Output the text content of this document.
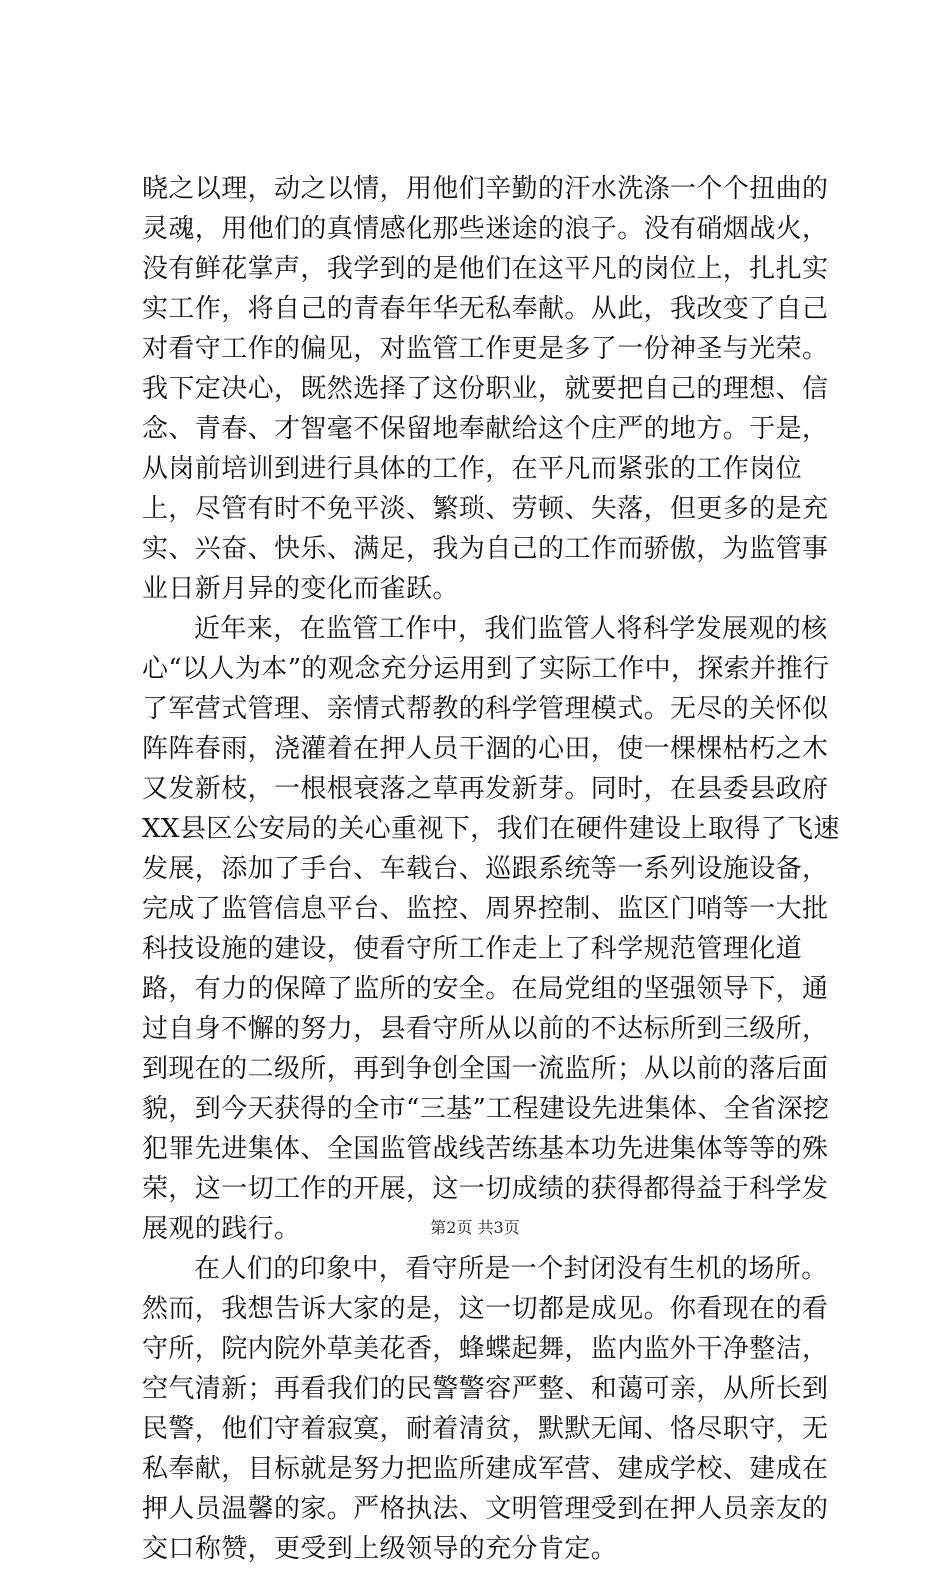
晓之以理，动之以情，用他们辛勤的汗水洗涤一个个扭曲的灵魂，用他们的真情感化那些迷途的浪子。没有硝烟战火，没有鲜花掌声，我学到的是他们在这平凡的岗位上，扎扎实实工作，将自己的青春年华无私奉献。从此，我改变了自己对看守工作的偏见，对监管工作更是多了一份神圣与光荣。我下定决心，既然选择了这份职业，就要把自己的理想、信念、青春、才智毫不保留地奉献给这个庄严的地方。于是，从岗前培训到进行具体的工作，在平凡而紧张的工作岗位上，尽管有时不免平淡、繁琐、劳顿、失落，但更多的是充实、兴奋、快乐、满足，我为自己的工作而骄傲，为监管事业日新月异的变化而雀跃。

近年来，在监管工作中，我们监管人将科学发展观的核心“以人为本”的观念充分运用到了实际工作中，探索并推行了军营式管理、亲情式帮教的科学管理模式。无尽的关怀似阵阵春雨，浇灌着在押人员干涸的心田，使一棵棵枯朽之木又发新枝，一根根衰落之草再发新芽。同时，在县委县政府XX县区公安局的关心重视下，我们在硬件建设上取得了飞速发展，添加了手台、车载台、巡跟系统等一系列设施设备，完成了监管信息平台、监控、周界控制、监区门哨等一大批科技设施的建设，使看守所工作走上了科学规范管理化道路，有力的保障了监所的安全。在局党组的坚强领导下，通过自身不懈的努力，县看守所从以前的不达标所到三级所，到现在的二级所，再到争创全国一流监所；从以前的落后面貌，到今天获得的全市“三基”工程建设先进集体、全省深挖犯罪先进集体、全国监管战线苦练基本功先进集体等等的殊荣，这一切工作的开展，这一切成绩的获得都得益于科学发展观的践行。

在人们的印象中，看守所是一个封闭没有生机的场所。然而，我想告诉大家的是，这一切都是成见。你看现在的看守所，院内院外草美花香，蜂蝶起舞，监内监外干净整洁，空气清新；再看我们的民警警容严整、和蔼可亲，从所长到民警，他们守着寂寞，耐着清贫，默默无闻、恪尽职守，无私奉献，目标就是努力把监所建成军营、建成学校、建成在押人员温馨的家。严格执法、文明管理受到在押人员亲友的交口称赞，更受到上级领导的充分肯定。

第2页 共3页
